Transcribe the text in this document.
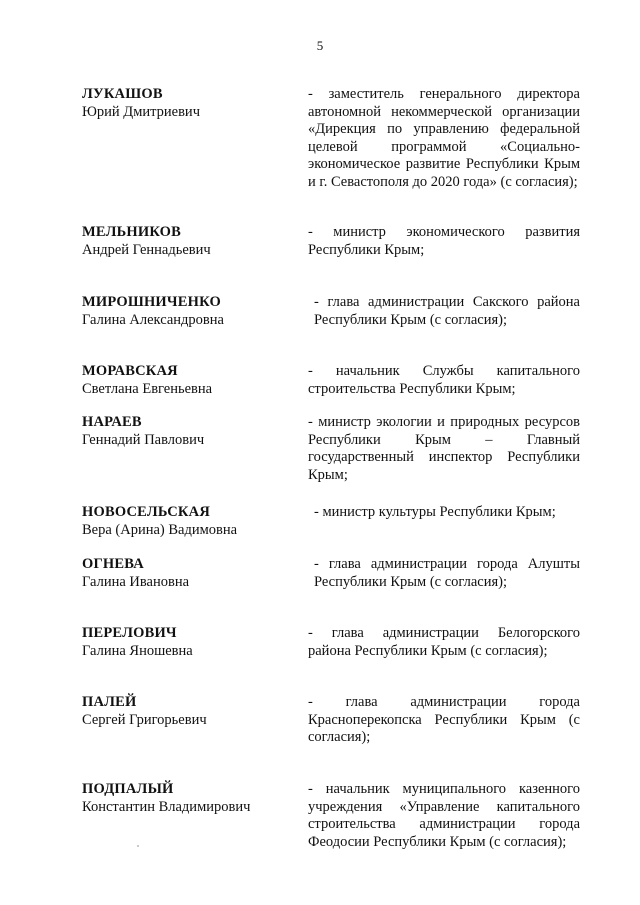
5
ЛУКАШОВ
Юрий Дмитриевич
- заместитель генерального директора автономной некоммерческой организации «Дирекция по управлению федеральной целевой программой «Социально-экономическое развитие Республики Крым и г. Севастополя до 2020 года» (с согласия);
МЕЛЬНИКОВ
Андрей Геннадьевич
- министр экономического развития Республики Крым;
МИРОШНИЧЕНКО
Галина Александровна
- глава администрации Сакского района Республики Крым (с согласия);
МОРАВСКАЯ
Светлана Евгеньевна
- начальник Службы капитального строительства Республики Крым;
НАРАЕВ
Геннадий Павлович
- министр экологии и природных ресурсов Республики Крым – Главный государственный инспектор Республики Крым;
НОВОСЕЛЬСКАЯ
Вера (Арина) Вадимовна
- министр культуры Республики Крым;
ОГНЕВА
Галина Ивановна
- глава администрации города Алушты Республики Крым (с согласия);
ПЕРЕЛОВИЧ
Галина Яношевна
- глава администрации Белогорского района Республики Крым (с согласия);
ПАЛЕЙ
Сергей Григорьевич
- глава администрации города Красноперекопска Республики Крым (с согласия);
ПОДПАЛЫЙ
Константин Владимирович
- начальник муниципального казенного учреждения «Управление капитального строительства администрации города Феодосии Республики Крым (с согласия);
